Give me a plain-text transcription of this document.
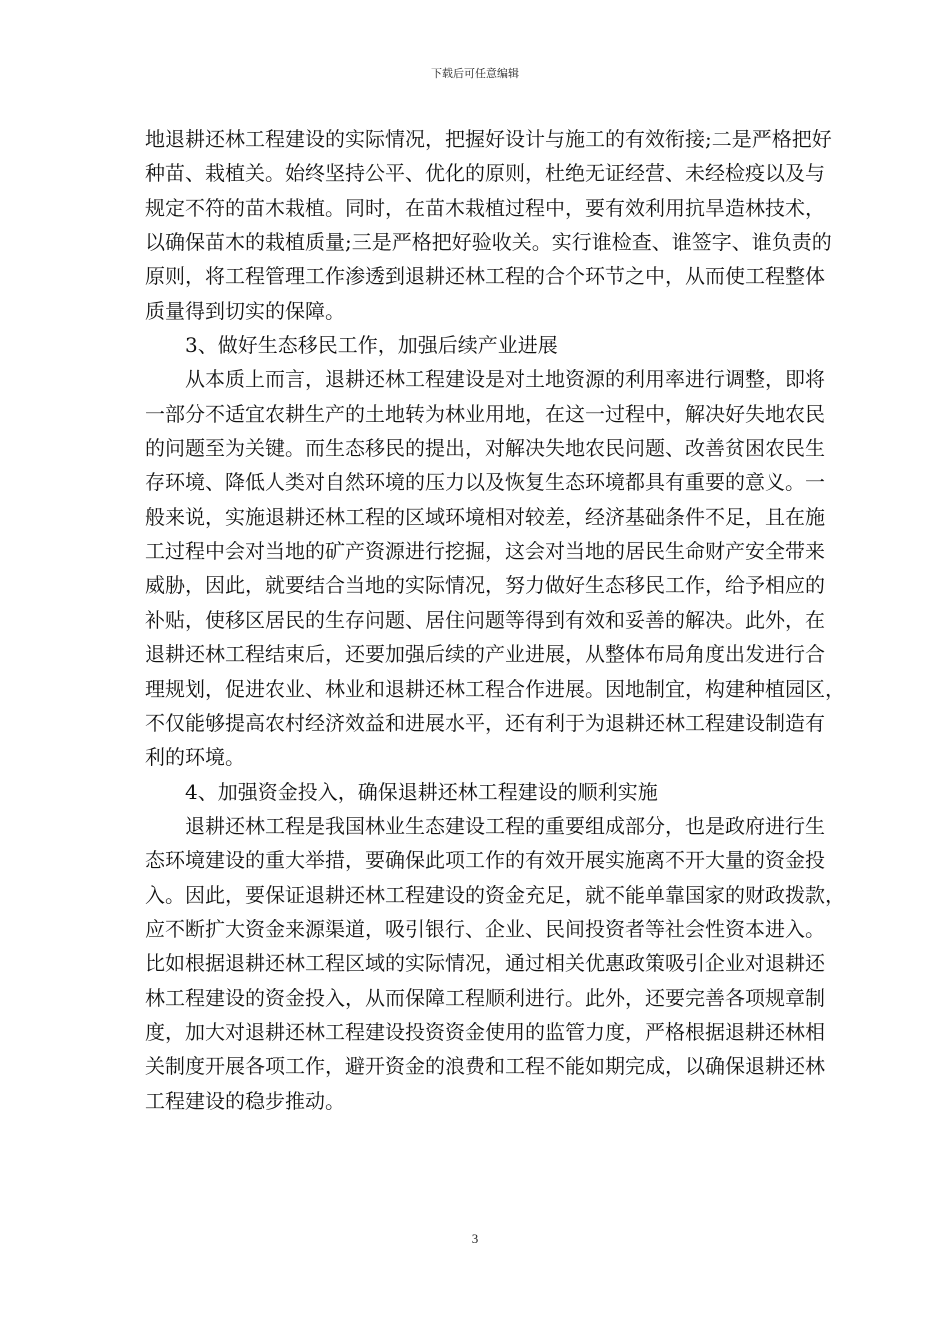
下载后可任意编辑
地退耕还林工程建设的实际情况，把握好设计与施工的有效衔接;二是严格把好
种苗、栽植关。始终坚持公平、优化的原则，杜绝无证经营、未经检疫以及与
规定不符的苗木栽植。同时，在苗木栽植过程中，要有效利用抗旱造林技术，
以确保苗木的栽植质量;三是严格把好验收关。实行谁检查、谁签字、谁负责的
原则，将工程管理工作渗透到退耕还林工程的合个环节之中，从而使工程整体
质量得到切实的保障。
3、做好生态移民工作，加强后续产业进展
从本质上而言，退耕还林工程建设是对土地资源的利用率进行调整，即将
一部分不适宜农耕生产的土地转为林业用地，在这一过程中，解决好失地农民
的问题至为关键。而生态移民的提出，对解决失地农民问题、改善贫困农民生
存环境、降低人类对自然环境的压力以及恢复生态环境都具有重要的意义。一
般来说，实施退耕还林工程的区域环境相对较差，经济基础条件不足，且在施
工过程中会对当地的矿产资源进行挖掘，这会对当地的居民生命财产安全带来
威胁，因此，就要结合当地的实际情况，努力做好生态移民工作，给予相应的
补贴，使移区居民的生存问题、居住问题等得到有效和妥善的解决。此外，在
退耕还林工程结束后，还要加强后续的产业进展，从整体布局角度出发进行合
理规划，促进农业、林业和退耕还林工程合作进展。因地制宜，构建种植园区，
不仅能够提高农村经济效益和进展水平，还有利于为退耕还林工程建设制造有
利的环境。
4、加强资金投入，确保退耕还林工程建设的顺利实施
退耕还林工程是我国林业生态建设工程的重要组成部分，也是政府进行生
态环境建设的重大举措，要确保此项工作的有效开展实施离不开大量的资金投
入。因此，要保证退耕还林工程建设的资金充足，就不能单靠国家的财政拨款，
应不断扩大资金来源渠道，吸引银行、企业、民间投资者等社会性资本进入。
比如根据退耕还林工程区域的实际情况，通过相关优惠政策吸引企业对退耕还
林工程建设的资金投入，从而保障工程顺利进行。此外，还要完善各项规章制
度，加大对退耕还林工程建设投资资金使用的监管力度，严格根据退耕还林相
关制度开展各项工作，避开资金的浪费和工程不能如期完成，以确保退耕还林
工程建设的稳步推动。
3
